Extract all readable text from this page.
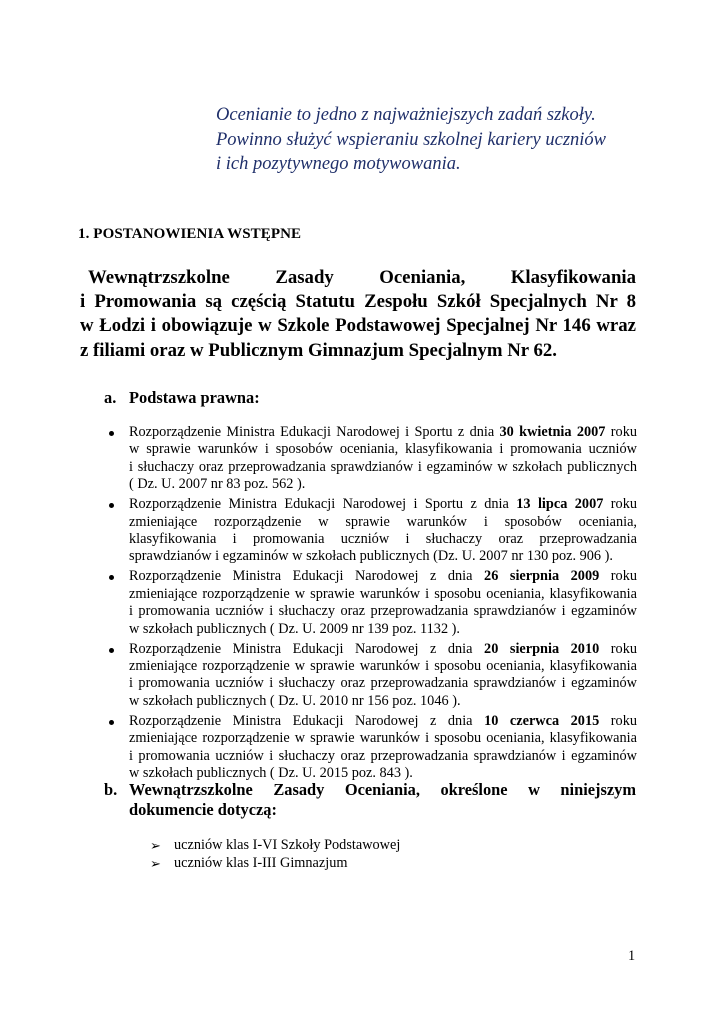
Ocenianie to jedno z najważniejszych zadań szkoły.
Powinno służyć wspieraniu szkolnej kariery uczniów
i ich pozytywnego motywowania.
1. POSTANOWIENIA WSTĘPNE
Wewnątrzszkolne Zasady Oceniania, Klasyfikowania
i Promowania są częścią Statutu Zespołu Szkół Specjalnych Nr 8
w Łodzi i obowiązuje w Szkole Podstawowej Specjalnej Nr 146 wraz
z filiami oraz w Publicznym Gimnazjum Specjalnym Nr 62.
a. Podstawa prawna:
Rozporządzenie Ministra Edukacji Narodowej i Sportu z dnia 30 kwietnia 2007 roku
w sprawie warunków i sposobów oceniania, klasyfikowania i promowania uczniów
i słuchaczy oraz przeprowadzania sprawdzianów i egzaminów w szkołach publicznych
( Dz. U. 2007 nr 83 poz. 562 ).
Rozporządzenie Ministra Edukacji Narodowej i Sportu z dnia 13 lipca 2007 roku
zmieniające rozporządzenie w sprawie warunków i sposobów oceniania,
klasyfikowania i promowania uczniów i słuchaczy oraz przeprowadzania
sprawdzianów i egzaminów w szkołach publicznych (Dz. U. 2007 nr 130 poz. 906 ).
Rozporządzenie Ministra Edukacji Narodowej z dnia 26 sierpnia 2009 roku
zmieniające rozporządzenie w sprawie warunków i sposobu oceniania, klasyfikowania
i promowania uczniów i słuchaczy oraz przeprowadzania sprawdzianów i egzaminów
w szkołach publicznych ( Dz. U. 2009 nr 139 poz. 1132 ).
Rozporządzenie Ministra Edukacji Narodowej z dnia 20 sierpnia 2010 roku
zmieniające rozporządzenie w sprawie warunków i sposobu oceniania, klasyfikowania
i promowania uczniów i słuchaczy oraz przeprowadzania sprawdzianów i egzaminów
w szkołach publicznych ( Dz. U. 2010 nr 156 poz. 1046 ).
Rozporządzenie Ministra Edukacji Narodowej z dnia 10 czerwca 2015 roku
zmieniające rozporządzenie w sprawie warunków i sposobu oceniania, klasyfikowania
i promowania uczniów i słuchaczy oraz przeprowadzania sprawdzianów i egzaminów
w szkołach publicznych ( Dz. U. 2015 poz. 843 ).
b. Wewnątrzszkolne Zasady Oceniania, określone w niniejszym
dokumencie dotyczą:
➢ uczniów klas I-VI Szkoły Podstawowej
➢ uczniów klas I-III Gimnazjum
1
